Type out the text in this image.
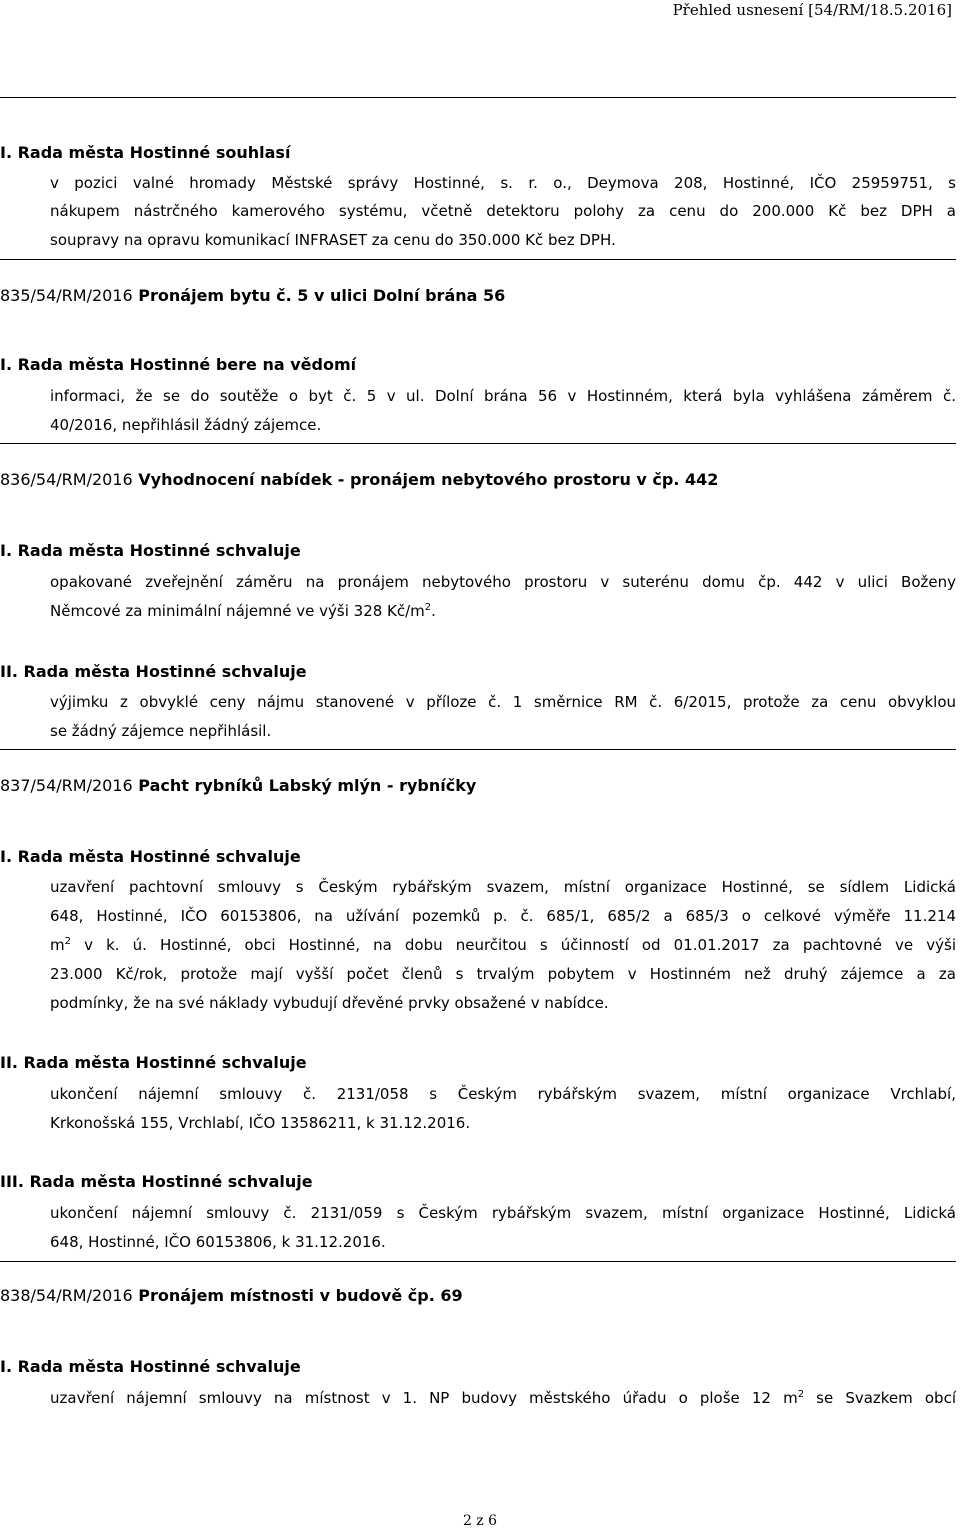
Přehled usnesení [54/RM/18.5.2016]
I. Rada města Hostinné souhlasí
v pozici valné hromady Městské správy Hostinné, s. r. o., Deymova 208, Hostinné, IČO 25959751, s
nákupem nástrčného kamerového systému, včetně detektoru polohy za cenu do 200.000 Kč bez DPH a
soupravy na opravu komunikací INFRASET za cenu do 350.000 Kč bez DPH.
835/54/RM/2016 Pronájem bytu č. 5 v ulici Dolní brána 56
I. Rada města Hostinné bere na vědomí
informaci, že se do soutěže o byt č. 5 v ul. Dolní brána 56 v Hostinném, která byla vyhlášena záměrem č.
40/2016, nepřihlásil žádný zájemce.
836/54/RM/2016 Vyhodnocení nabídek - pronájem nebytového prostoru v čp. 442
I. Rada města Hostinné schvaluje
opakované zveřejnění záměru na pronájem nebytového prostoru v suterénu domu čp. 442 v ulici Boženy
Němcové za minimální nájemné ve výši 328 $Kč/m^2$.
II. Rada města Hostinné schvaluje
výjimku z obvyklé ceny nájmu stanovené v příloze č. 1 směrnice RM č. 6/2015, protože za cenu obvyklou
se žádný zájemce nepřihlásil.
837/54/RM/2016 Pacht rybníků Labský mlýn - rybníčky
I. Rada města Hostinné schvaluje
uzavření pachtovní smlouvy s Českým rybářským svazem, místní organizace Hostinné, se sídlem Lidická
648, Hostinné, IČO 60153806, na užívání pozemků p. č. 685/1, 685/2 a 685/3 o celkové výměře 11.214
$m^2$ v k. ú. Hostinné, obci Hostinné, na dobu neurčitou s účinností od 01.01.2017 za pachtovné ve výši
23.000 Kč/rok, protože mají vyšší počet členů s trvalým pobytem v Hostinném než druhý zájemce a za
podmínky, že na své náklady vybudují dřevěné prvky obsažené v nabídce.
II. Rada města Hostinné schvaluje
ukončení nájemní smlouvy č. 2131/058 s Českým rybářským svazem, místní organizace Vrchlabí,
Krkonošská 155, Vrchlabí, IČO 13586211, k 31.12.2016.
III. Rada města Hostinné schvaluje
ukončení nájemní smlouvy č. 2131/059 s Českým rybářským svazem, místní organizace Hostinné, Lidická
648, Hostinné, IČO 60153806, k 31.12.2016.
838/54/RM/2016 Pronájem místnosti v budově čp. 69
I. Rada města Hostinné schvaluje
uzavření nájemní smlouvy na místnost v 1. NP budovy městského úřadu o ploše 12 $m^2$ se Svazkem obcí
2 z 6
